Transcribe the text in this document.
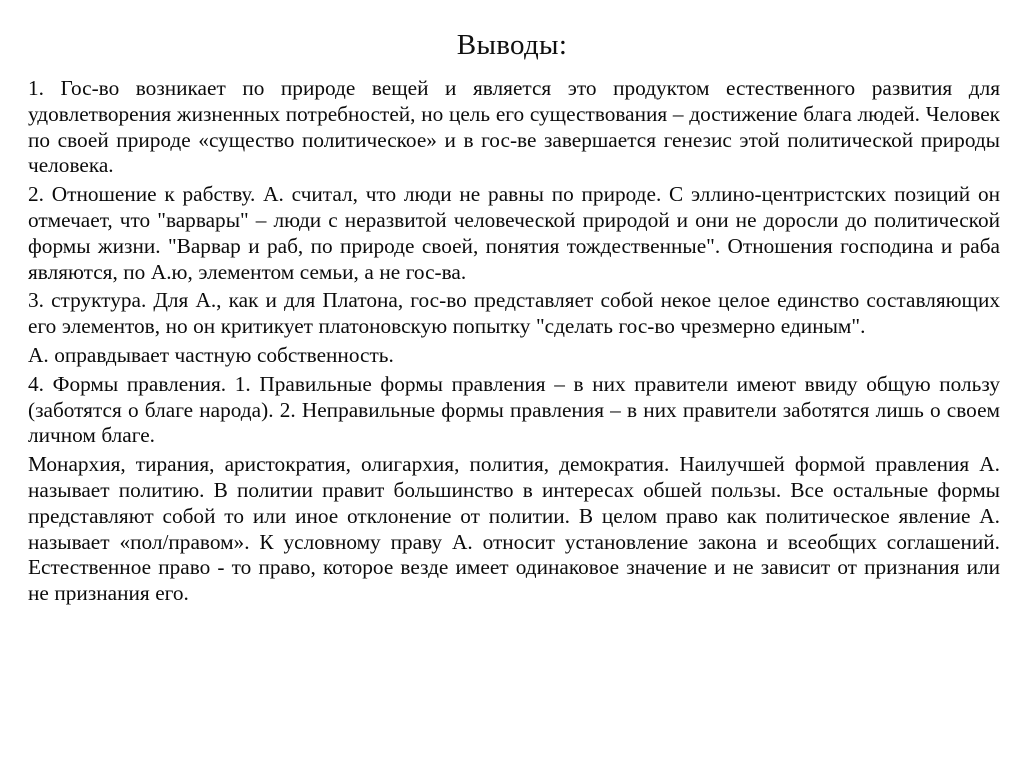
Выводы:

1. Гос-во возникает по природе вещей и является это продуктом естественного развития для удовлетворения жизненных потребностей, но цель его существования – достижение блага людей. Человек по своей природе «существо политическое» и в гос-ве завершается генезис этой политической природы человека.

2. Отношение к рабству. А. считал, что люди не равны по природе. С эллино-центристских позиций он отмечает, что "варвары" – люди с неразвитой человеческой природой и они не доросли до политической формы жизни. "Варвар и раб, по природе своей, понятия тождественные". Отношения господина и раба являются, по А.ю, элементом семьи, а не гос-ва.

3. структура. Для А., как и для Платона, гос-во представляет собой некое целое единство составляющих его элементов, но он критикует платоновскую попытку "сделать гос-во чрезмерно единым".

А. оправдывает частную собственность.

4. Формы правления. 1. Правильные формы правления – в них правители имеют ввиду общую пользу (заботятся о благе народа). 2. Неправильные формы правления – в них правители заботятся лишь о своем личном благе.

Монархия, тирания, аристократия, олигархия, полития, демократия. Наилучшей формой правления А. называет политию. В политии правит большинство в интересах обшей пользы. Все остальные формы представляют собой то или иное отклонение от политии. В целом право как политическое явление А. называет «пол/правом». К условному праву А. относит установление закона и всеобщих соглашений. Естественное право - то право, которое везде имеет одинаковое значение и не зависит от признания или не признания его.
